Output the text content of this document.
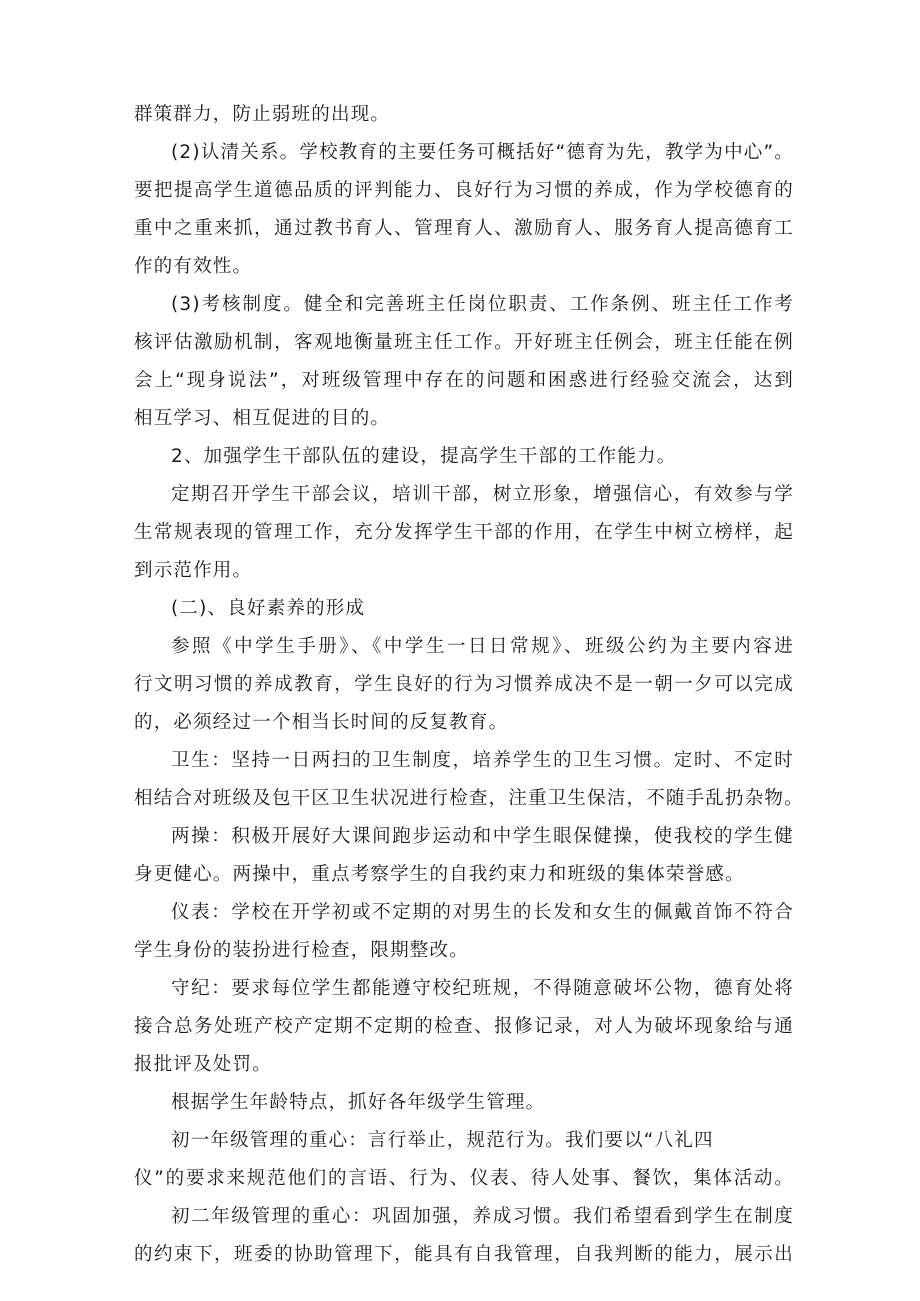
群策群力，防止弱班的出现。
(2)认清关系。学校教育的主要任务可概括好“德育为先，教学为中心”。
要把提高学生道德品质的评判能力、良好行为习惯的养成，作为学校德育的
重中之重来抓，通过教书育人、管理育人、激励育人、服务育人提高德育工
作的有效性。
(3)考核制度。健全和完善班主任岗位职责、工作条例、班主任工作考
核评估激励机制，客观地衡量班主任工作。开好班主任例会，班主任能在例
会上“现身说法”，对班级管理中存在的问题和困惑进行经验交流会，达到
相互学习、相互促进的目的。
2、加强学生干部队伍的建设，提高学生干部的工作能力。
定期召开学生干部会议，培训干部，树立形象，增强信心，有效参与学
生常规表现的管理工作，充分发挥学生干部的作用，在学生中树立榜样，起
到示范作用。
(二)、良好素养的形成
参照《中学生手册》、《中学生一日日常规》、班级公约为主要内容进
行文明习惯的养成教育，学生良好的行为习惯养成决不是一朝一夕可以完成
的，必须经过一个相当长时间的反复教育。
卫生：坚持一日两扫的卫生制度，培养学生的卫生习惯。定时、不定时
相结合对班级及包干区卫生状况进行检查，注重卫生保洁，不随手乱扔杂物。
两操：积极开展好大课间跑步运动和中学生眼保健操，使我校的学生健
身更健心。两操中，重点考察学生的自我约束力和班级的集体荣誉感。
仪表：学校在开学初或不定期的对男生的长发和女生的佩戴首饰不符合
学生身份的装扮进行检查，限期整改。
守纪：要求每位学生都能遵守校纪班规，不得随意破坏公物，德育处将
接合总务处班产校产定期不定期的检查、报修记录，对人为破坏现象给与通
报批评及处罚。
根据学生年龄特点，抓好各年级学生管理。
初一年级管理的重心：言行举止，规范行为。我们要以“八礼四
仪”的要求来规范他们的言语、行为、仪表、待人处事、餐饮，集体活动。
初二年级管理的重心：巩固加强，养成习惯。我们希望看到学生在制度
的约束下，班委的协助管理下，能具有自我管理，自我判断的能力，展示出
